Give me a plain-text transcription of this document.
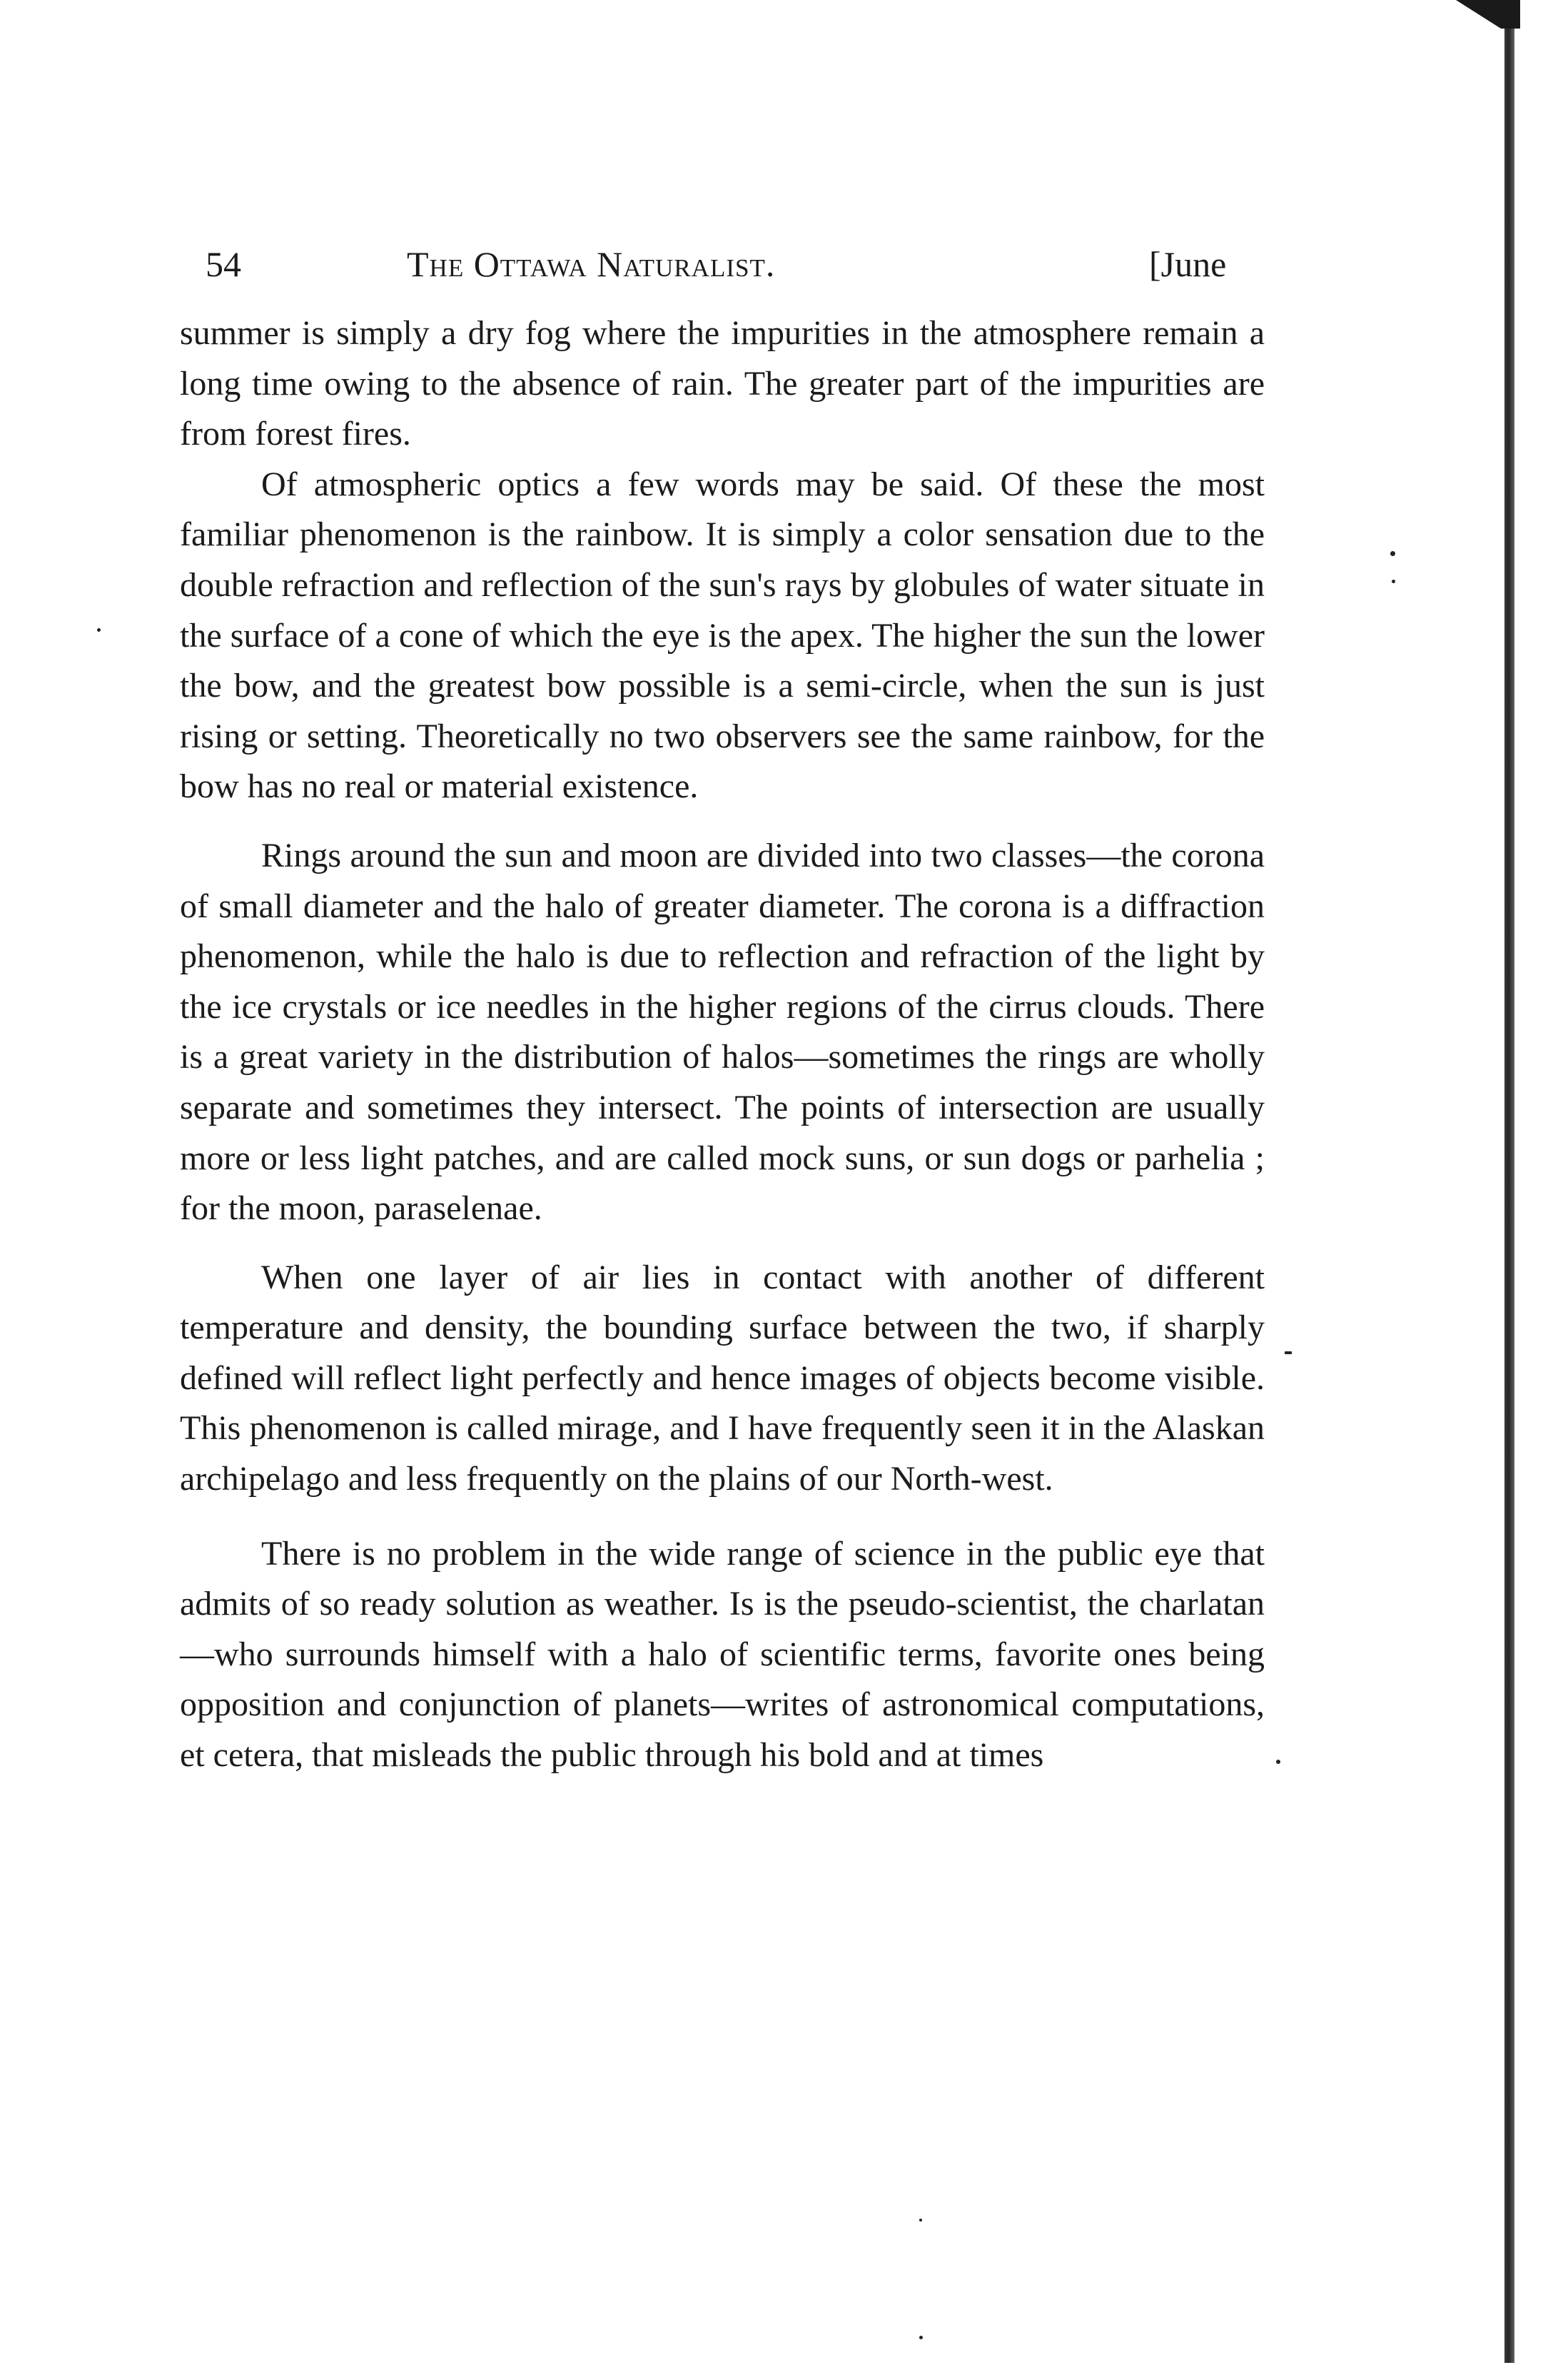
54	The Ottawa Naturalist.	[June

summer is simply a dry fog where the impurities in the atmosphere remain a long time owing to the absence of rain. The greater part of the impurities are from forest fires.

Of atmospheric optics a few words may be said. Of these the most familiar phenomenon is the rainbow. It is simply a color sensation due to the double refraction and reflection of the sun's rays by globules of water situate in the surface of a cone of which the eye is the apex. The higher the sun the lower the bow, and the greatest bow possible is a semi-circle, when the sun is just rising or setting. Theoretically no two observers see the same rainbow, for the bow has no real or material existence.

Rings around the sun and moon are divided into two classes—the corona of small diameter and the halo of greater diameter. The corona is a diffraction phenomenon, while the halo is due to reflection and refraction of the light by the ice crystals or ice needles in the higher regions of the cirrus clouds. There is a great variety in the distribution of halos—sometimes the rings are wholly separate and sometimes they intersect. The points of intersection are usually more or less light patches, and are called mock suns, or sun dogs or parhelia ; for the moon, paraselenae.

When one layer of air lies in contact with another of different temperature and density, the bounding surface between the two, if sharply defined will reflect light perfectly and hence images of objects become visible. This phenomenon is called mirage, and I have frequently seen it in the Alaskan archipelago and less frequently on the plains of our North-west.

There is no problem in the wide range of science in the public eye that admits of so ready solution as weather. Is is the pseudo-scientist, the charlatan—who surrounds himself with a halo of scientific terms, favorite ones being opposition and conjunction of planets—writes of astronomical computations, et cetera, that misleads the public through his bold and at times
